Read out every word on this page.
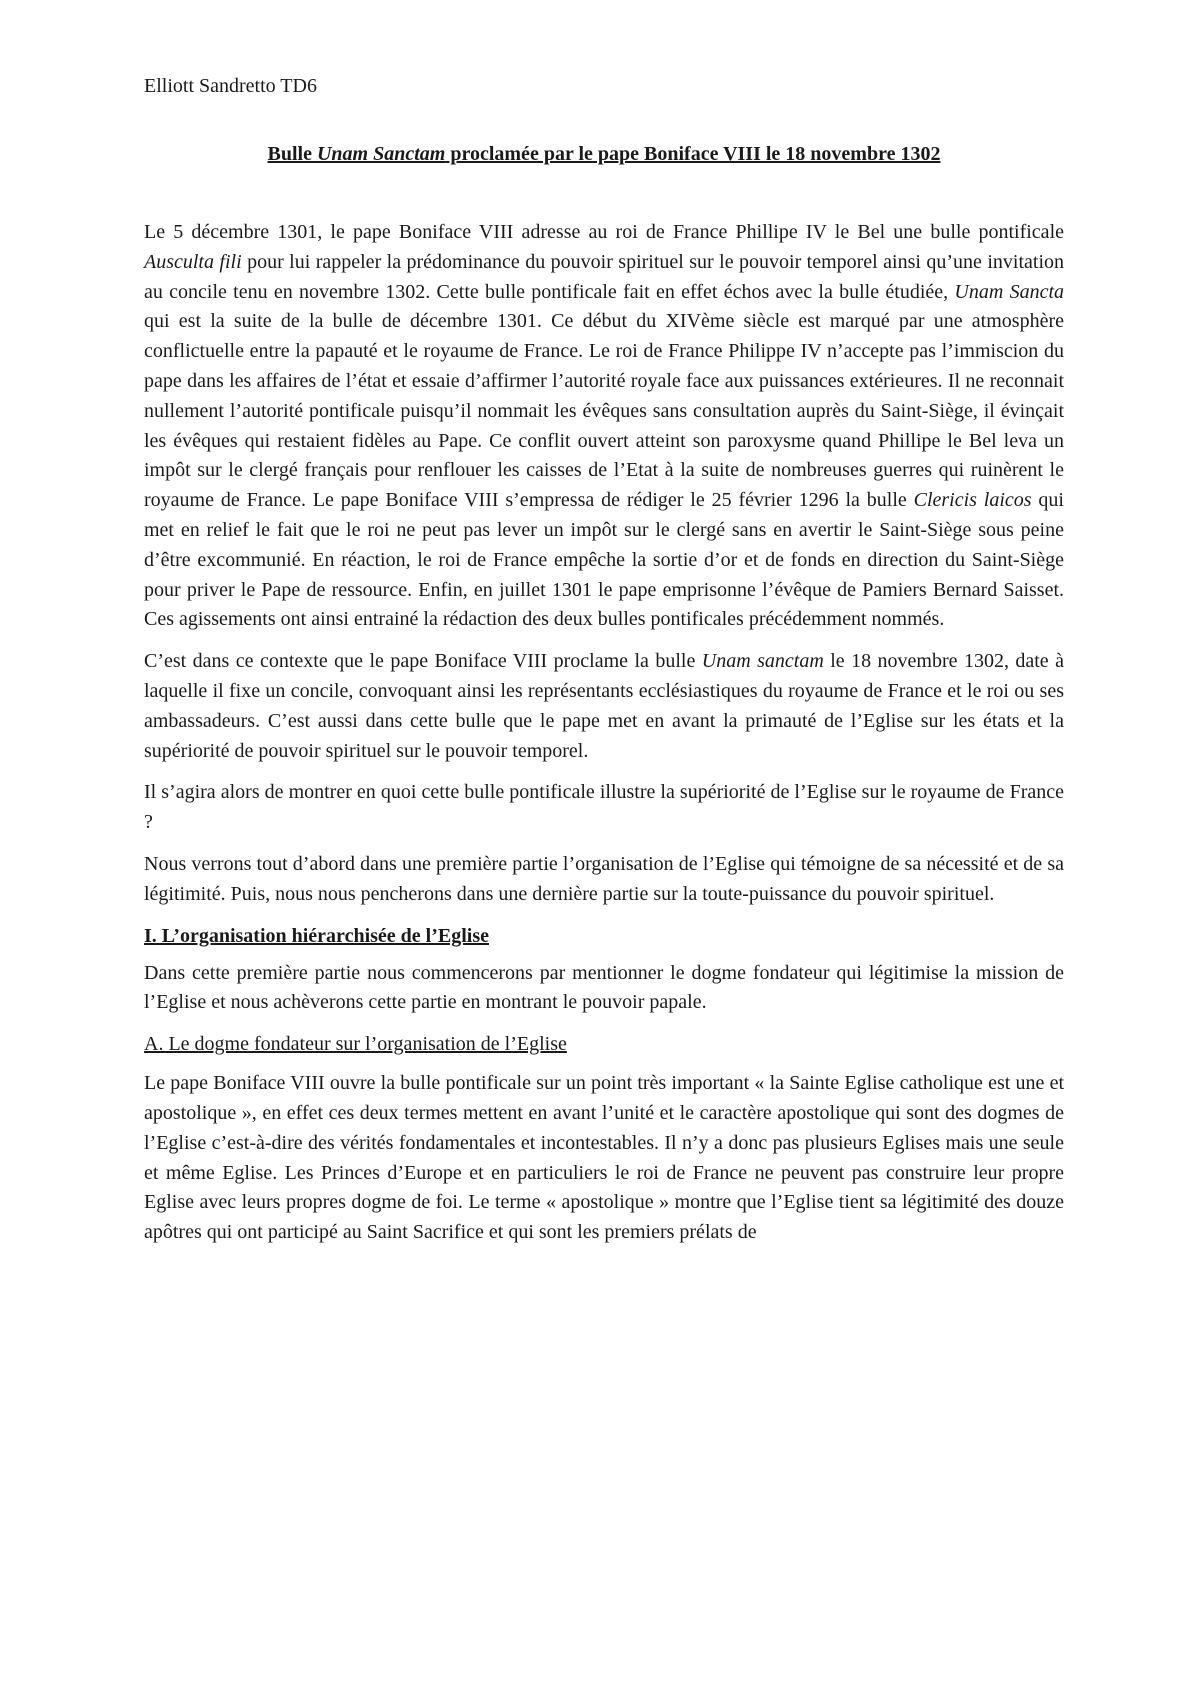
Elliott Sandretto TD6
Bulle Unam Sanctam proclamée par le pape Boniface VIII le 18 novembre 1302

Le 5 décembre 1301, le pape Boniface VIII adresse au roi de France Phillipe IV le Bel une bulle pontificale Ausculta fili pour lui rappeler la prédominance du pouvoir spirituel sur le pouvoir temporel ainsi qu’une invitation au concile tenu en novembre 1302. Cette bulle pontificale fait en effet échos avec la bulle étudiée, Unam Sancta qui est la suite de la bulle de décembre 1301. Ce début du XIVème siècle est marqué par une atmosphère conflictuelle entre la papauté et le royaume de France. Le roi de France Philippe IV n’accepte pas l’immiscion du pape dans les affaires de l’état et essaie d’affirmer l’autorité royale face aux puissances extérieures. Il ne reconnait nullement l’autorité pontificale puisqu’il nommait les évêques sans consultation auprès du Saint-Siège, il évinçait les évêques qui restaient fidèles au Pape. Ce conflit ouvert atteint son paroxysme quand Phillipe le Bel leva un impôt sur le clergé français pour renflouer les caisses de l’Etat à la suite de nombreuses guerres qui ruinèrent le royaume de France. Le pape Boniface VIII s’empressa de rédiger le 25 février 1296 la bulle Clericis laicos qui met en relief le fait que le roi ne peut pas lever un impôt sur le clergé sans en avertir le Saint-Siège sous peine d’être excommunié. En réaction, le roi de France empêche la sortie d’or et de fonds en direction du Saint-Siège pour priver le Pape de ressource. Enfin, en juillet 1301 le pape emprisonne l’évêque de Pamiers Bernard Saisset. Ces agissements ont ainsi entrainé la rédaction des deux bulles pontificales précédemment nommés.

C’est dans ce contexte que le pape Boniface VIII proclame la bulle Unam sanctam le 18 novembre 1302, date à laquelle il fixe un concile, convoquant ainsi les représentants ecclésiastiques du royaume de France et le roi ou ses ambassadeurs. C’est aussi dans cette bulle que le pape met en avant la primauté de l’Eglise sur les états et la supériorité de pouvoir spirituel sur le pouvoir temporel.

Il s’agira alors de montrer en quoi cette bulle pontificale illustre la supériorité de l’Eglise sur le royaume de France ?

Nous verrons tout d’abord dans une première partie l’organisation de l’Eglise qui témoigne de sa nécessité et de sa légitimité. Puis, nous nous pencherons dans une dernière partie sur la toute-puissance du pouvoir spirituel.

I. L’organisation hiérarchisée de l’Eglise

Dans cette première partie nous commencerons par mentionner le dogme fondateur qui légitimise la mission de l’Eglise et nous achèverons cette partie en montrant le pouvoir papale.

A. Le dogme fondateur sur l’organisation de l’Eglise

Le pape Boniface VIII ouvre la bulle pontificale sur un point très important « la Sainte Eglise catholique est une et apostolique », en effet ces deux termes mettent en avant l’unité et le caractère apostolique qui sont des dogmes de l’Eglise c’est-à-dire des vérités fondamentales et incontestables. Il n’y a donc pas plusieurs Eglises mais une seule et même Eglise. Les Princes d’Europe et en particuliers le roi de France ne peuvent pas construire leur propre Eglise avec leurs propres dogme de foi. Le terme « apostolique » montre que l’Eglise tient sa légitimité des douze apôtres qui ont participé au Saint Sacrifice et qui sont les premiers prélats de
